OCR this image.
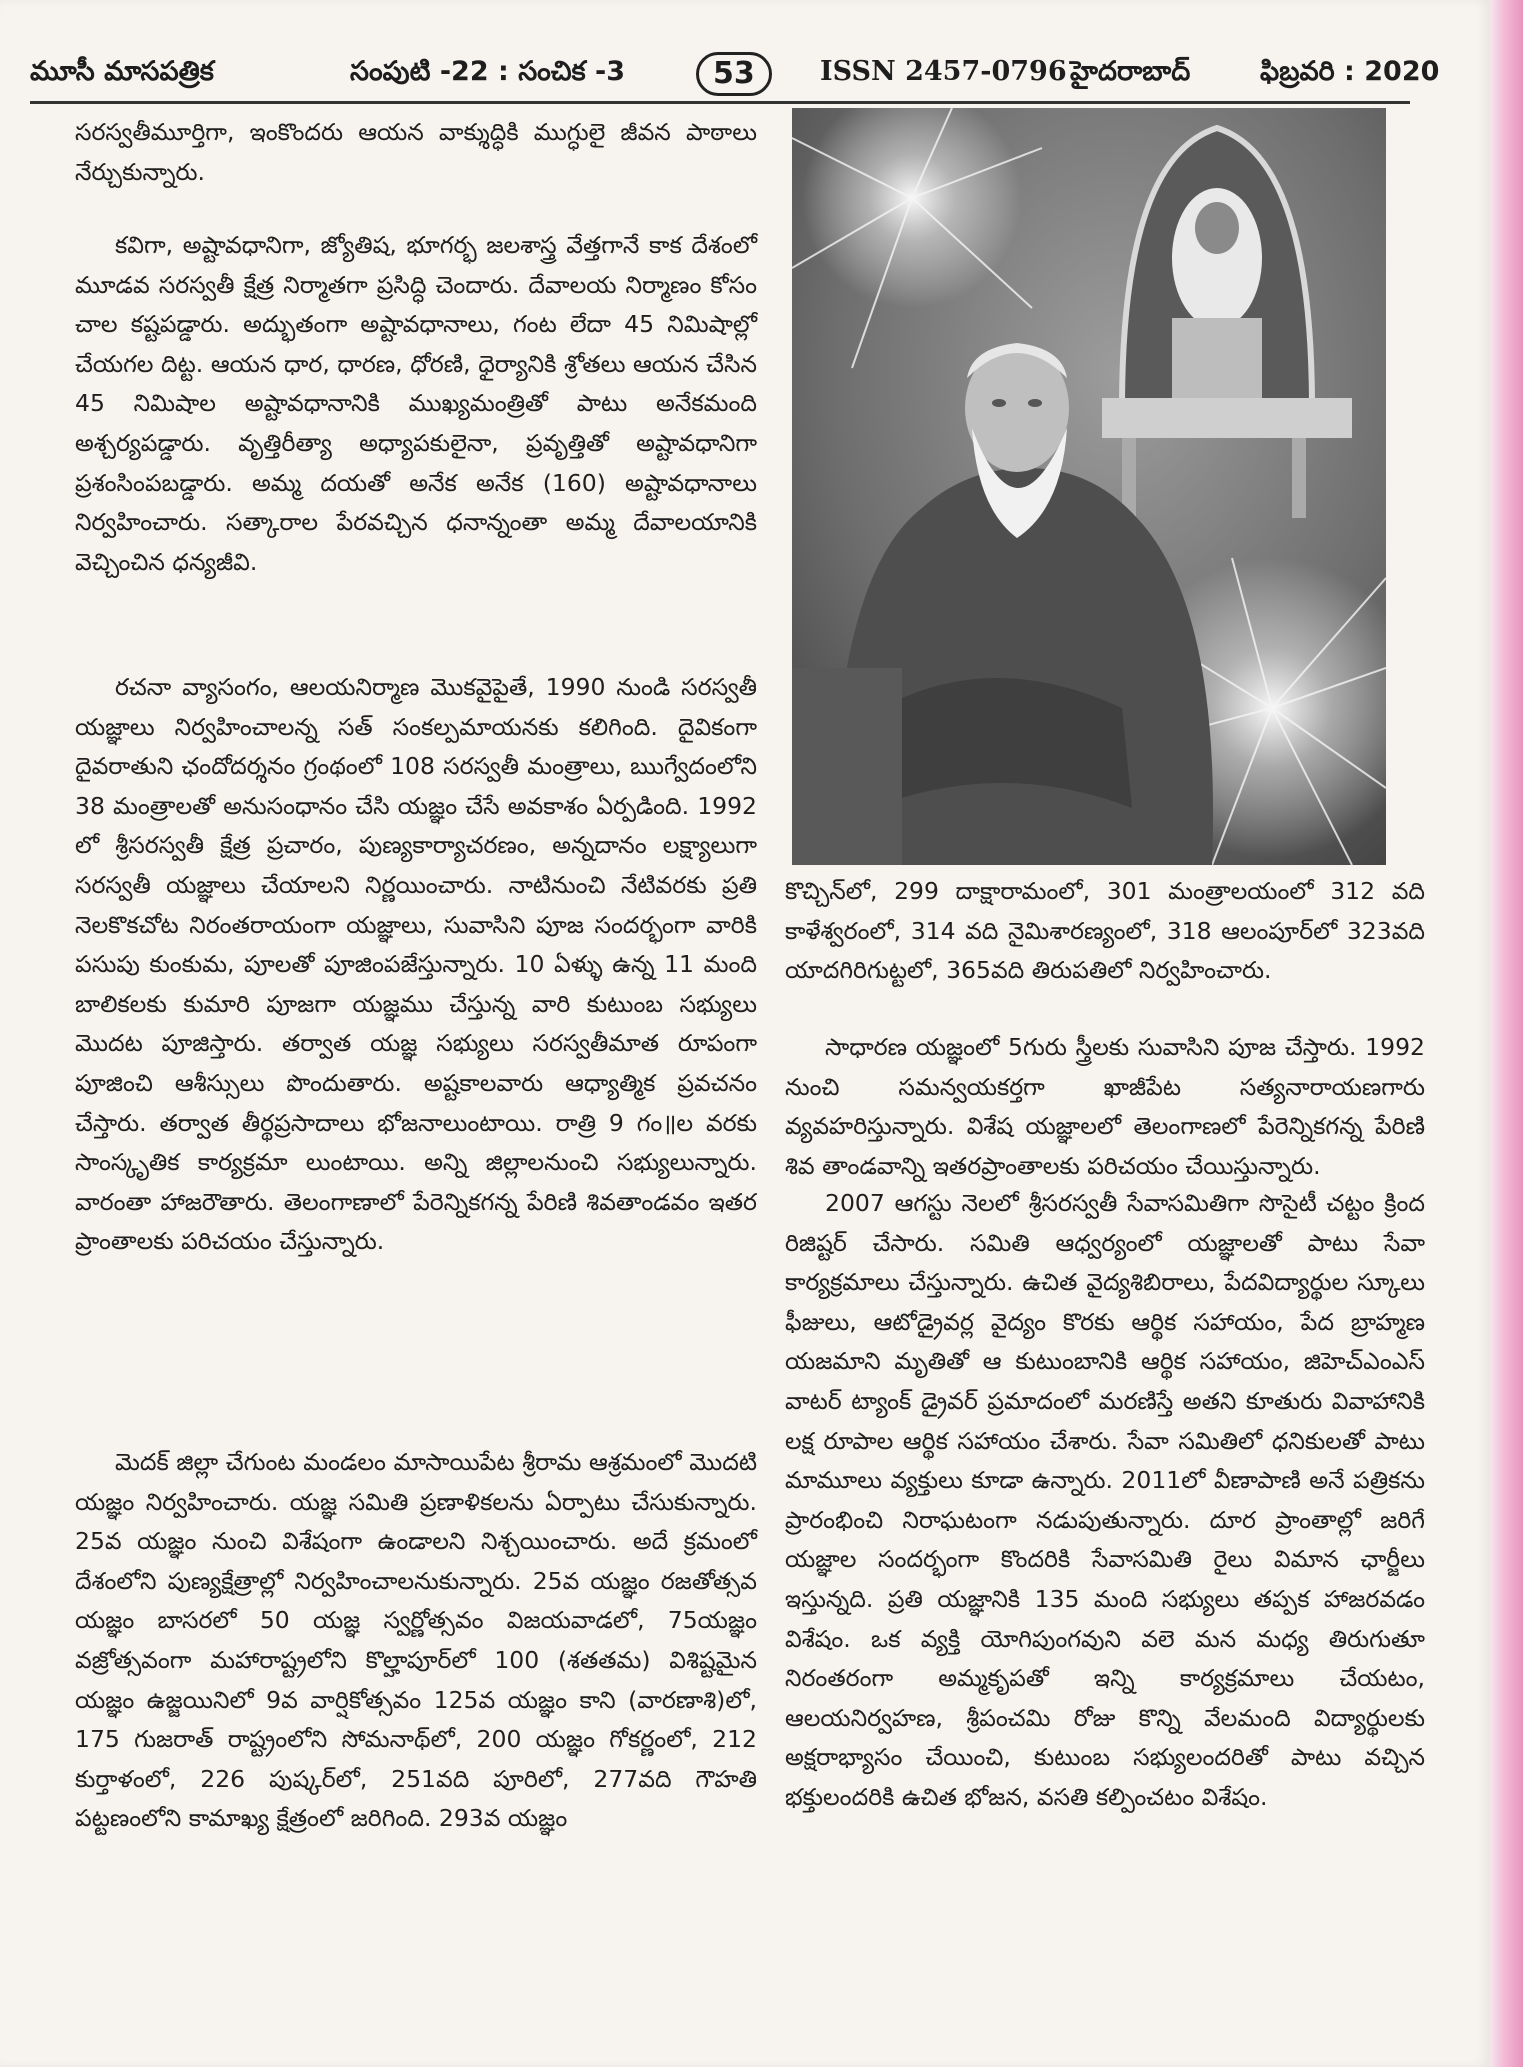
మూసీ మాసపత్రిక	సంపుటి -22 : సంచిక -3	53	ISSN 2457-0796 హైదరాబాద్	ఫిబ్రవరి : 2020

సరస్వతీమూర్తిగా, ఇంకొందరు ఆయన వాక్శుద్ధికి ముగ్ధులై జీవన పాఠాలు నేర్చుకున్నారు.

కవిగా, అష్టావధానిగా, జ్యోతిష, భూగర్భ జలశాస్త్ర వేత్తగానే కాక దేశంలో మూడవ సరస్వతీ క్షేత్ర నిర్మాతగా ప్రసిద్ధి చెందారు. దేవాలయ నిర్మాణం కోసం చాల కష్టపడ్డారు. అద్భుతంగా అష్టావధానాలు, గంట లేదా 45 నిమిషాల్లో చేయగల దిట్ట. ఆయన ధార, ధారణ, ధోరణి, ధైర్యానికి శ్రోతలు ఆయన చేసిన 45 నిమిషాల అష్టావధానానికి ముఖ్యమంత్రితో పాటు అనేకమంది అశ్చర్యపడ్డారు. వృత్తిరీత్యా అధ్యాపకులైనా, ప్రవృత్తితో అష్టావధానిగా ప్రశంసింపబడ్డారు. అమ్మ దయతో అనేక అనేక (160) అష్టావధానాలు నిర్వహించారు. సత్కారాల పేరవచ్చిన ధనాన్నంతా అమ్మ దేవాలయానికి వెచ్చించిన ధన్యజీవి.

రచనా వ్యాసంగం, ఆలయనిర్మాణ మొకవైపైతే, 1990 నుండి సరస్వతీ యజ్ఞాలు నిర్వహించాలన్న సత్ సంకల్పమాయనకు కలిగింది. దైవికంగా దైవరాతుని ఛందోదర్శనం గ్రంథంలో 108 సరస్వతీ మంత్రాలు, ఋగ్వేదంలోని 38 మంత్రాలతో అనుసంధానం చేసి యజ్ఞం చేసే అవకాశం ఏర్పడింది. 1992 లో శ్రీసరస్వతీ క్షేత్ర ప్రచారం, పుణ్యకార్యాచరణం, అన్నదానం లక్ష్యాలుగా సరస్వతీ యజ్ఞాలు చేయాలని నిర్ణయించారు. నాటినుంచి నేటివరకు ప్రతి నెలకొకచోట నిరంతరాయంగా యజ్ఞాలు, సువాసిని పూజ సందర్భంగా వారికి పసుపు కుంకుమ, పూలతో పూజింపజేస్తున్నారు. 10 ఏళ్ళు ఉన్న 11 మంది బాలికలకు కుమారి పూజగా యజ్ఞము చేస్తున్న వారి కుటుంబ సభ్యులు మొదట పూజిస్తారు. తర్వాత యజ్ఞ సభ్యులు సరస్వతీమాత రూపంగా పూజించి ఆశీస్సులు పొందుతారు. అష్టకాలవారు ఆధ్యాత్మిక ప్రవచనం చేస్తారు. తర్వాత తీర్థప్రసాదాలు భోజనాలుంటాయి. రాత్రి 9 గం॥ల వరకు సాంస్కృతిక కార్యక్రమా లుంటాయి. అన్ని జిల్లాలనుంచి సభ్యులున్నారు. వారంతా హాజరౌతారు. తెలంగాణాలో పేరెన్నికగన్న పేరిణి శివతాండవం ఇతర ప్రాంతాలకు పరిచయం చేస్తున్నారు.

మెదక్ జిల్లా చేగుంట మండలం మాసాయిపేట శ్రీరామ ఆశ్రమంలో మొదటి యజ్ఞం నిర్వహించారు. యజ్ఞ సమితి ప్రణాళికలను ఏర్పాటు చేసుకున్నారు. 25వ యజ్ఞం నుంచి విశేషంగా ఉండాలని నిశ్చయించారు. అదే క్రమంలో దేశంలోని పుణ్యక్షేత్రాల్లో నిర్వహించాలనుకున్నారు. 25వ యజ్ఞం రజతోత్సవ యజ్ఞం బాసరలో 50 యజ్ఞ స్వర్ణోత్సవం విజయవాడలో, 75యజ్ఞం వజ్రోత్సవంగా మహారాష్ట్రలోని కొల్హాపూర్‌లో 100 (శతతమ) విశిష్టమైన యజ్ఞం ఉజ్జయినిలో 9వ వార్షికోత్సవం 125వ యజ్ఞం కాని (వారణాశి)లో, 175 గుజరాత్ రాష్ట్రంలోని సోమనాథ్‌లో, 200 యజ్ఞం గోకర్ణంలో, 212 కుర్తాళంలో, 226 పుష్కర్‌లో, 251వది పూరిలో, 277వది గౌహతి పట్టణంలోని కామాఖ్య క్షేత్రంలో జరిగింది. 293వ యజ్ఞం

కొచ్చిన్‌లో, 299 దాక్షారామంలో, 301 మంత్రాలయంలో 312 వది కాళేశ్వరంలో, 314 వది నైమిశారణ్యంలో, 318 ఆలంపూర్‌లో 323వది యాదగిరిగుట్టలో, 365వది తిరుపతిలో నిర్వహించారు.

సాధారణ యజ్ఞంలో 5గురు స్త్రీలకు సువాసిని పూజ చేస్తారు. 1992 నుంచి సమన్వయకర్తగా ఖాజీపేట సత్యనారాయణగారు వ్యవహరిస్తున్నారు. విశేష యజ్ఞాలలో తెలంగాణలో పేరెన్నికగన్న పేరిణి శివ తాండవాన్ని ఇతరప్రాంతాలకు పరిచయం చేయిస్తున్నారు.

2007 ఆగస్టు నెలలో శ్రీసరస్వతీ సేవాసమితిగా సొసైటీ చట్టం క్రింద రిజిష్టర్ చేసారు. సమితి ఆధ్వర్యంలో యజ్ఞాలతో పాటు సేవా కార్యక్రమాలు చేస్తున్నారు. ఉచిత వైద్యశిబిరాలు, పేదవిద్యార్థుల స్కూలు ఫీజులు, ఆటోడ్రైవర్ల వైద్యం కొరకు ఆర్థిక సహాయం, పేద బ్రాహ్మణ యజమాని మృతితో ఆ కుటుంబానికి ఆర్థిక సహాయం, జిహెచ్ఎంఎస్ వాటర్ ట్యాంక్ డ్రైవర్ ప్రమాదంలో మరణిస్తే అతని కూతురు వివాహానికి లక్ష రూపాల ఆర్థిక సహాయం చేశారు. సేవా సమితిలో ధనికులతో పాటు మామూలు వ్యక్తులు కూడా ఉన్నారు. 2011లో వీణాపాణి అనే పత్రికను ప్రారంభించి నిరాఘటంగా నడుపుతున్నారు. దూర ప్రాంతాల్లో జరిగే యజ్ఞాల సందర్భంగా కొందరికి సేవాసమితి రైలు విమాన ఛార్జీలు ఇస్తున్నది. ప్రతి యజ్ఞానికి 135 మంది సభ్యులు తప్పక హాజరవడం విశేషం. ఒక వ్యక్తి యోగిపుంగవుని వలె మన మధ్య తిరుగుతూ నిరంతరంగా అమ్మకృపతో ఇన్ని కార్యక్రమాలు చేయటం, ఆలయనిర్వహణ, శ్రీపంచమి రోజు కొన్ని వేలమంది విద్యార్థులకు అక్షరాభ్యాసం చేయించి, కుటుంబ సభ్యులందరితో పాటు వచ్చిన భక్తులందరికి ఉచిత భోజన, వసతి కల్పించటం విశేషం.
